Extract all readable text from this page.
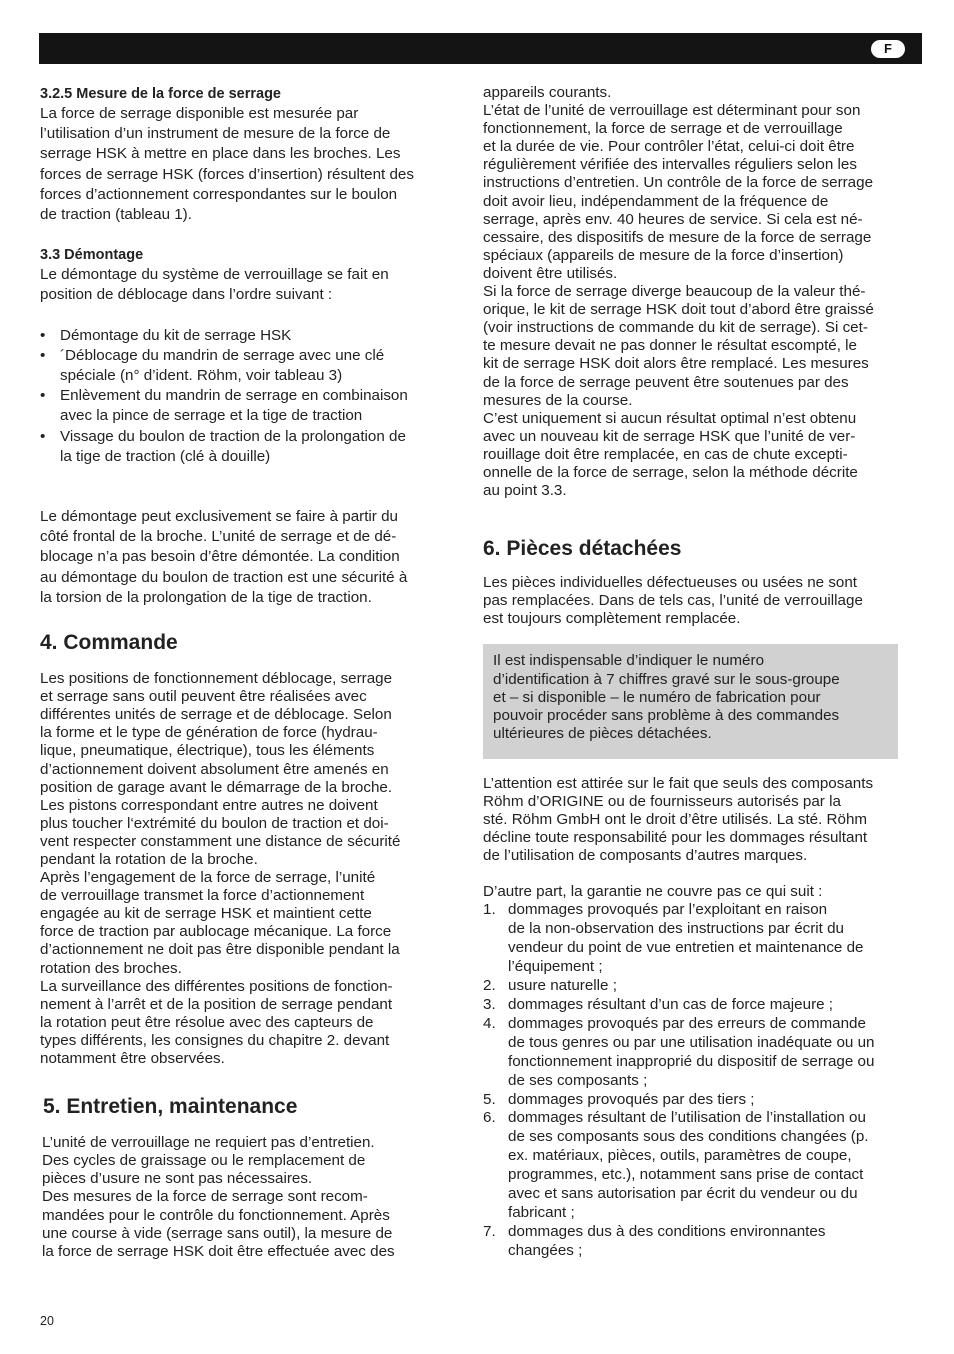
F
3.2.5 Mesure de la force de serrage
La force de serrage disponible est mesurée par
l’utilisation d’un instrument de mesure de la force de
serrage HSK à mettre en place dans les broches. Les
forces de serrage HSK (forces d’insertion) résultent des
forces d’actionnement correspondantes sur le boulon
de traction (tableau 1).
3.3 Démontage
Le démontage du système de verrouillage se fait en
position de déblocage dans l’ordre suivant :
• Démontage du kit de serrage HSK
• ´Déblocage du mandrin de serrage avec une clé
spéciale (n° d’ident. Röhm, voir tableau 3)
• Enlèvement du mandrin de serrage en combinaison
avec la pince de serrage et la tige de traction
• Vissage du boulon de traction de la prolongation de
la tige de traction (clé à douille)
Le démontage peut exclusivement se faire à partir du
côté frontal de la broche. L’unité de serrage et de dé-
blocage n’a pas besoin d’être démontée. La condition
au démontage du boulon de traction est une sécurité à
la torsion de la prolongation de la tige de traction.
4. Commande
Les positions de fonctionnement déblocage, serrage
et serrage sans outil peuvent être réalisées avec
différentes unités de serrage et de déblocage. Selon
la forme et le type de génération de force (hydrau-
lique, pneumatique, électrique), tous les éléments
d’actionnement doivent absolument être amenés en
position de garage avant le démarrage de la broche.
Les pistons correspondant entre autres ne doivent
plus toucher l‘extrémité du boulon de traction et doi-
vent respecter constamment une distance de sécurité
pendant la rotation de la broche.
Après l’engagement de la force de serrage, l’unité
de verrouillage transmet la force d’actionnement
engagée au kit de serrage HSK et maintient cette
force de traction par aublocage mécanique. La force
d’actionnement ne doit pas être disponible pendant la
rotation des broches.
La surveillance des différentes positions de fonction-
nement à l’arrêt et de la position de serrage pendant
la rotation peut être résolue avec des capteurs de
types différents, les consignes du chapitre 2. devant
notamment être observées.
5. Entretien, maintenance
L’unité de verrouillage ne requiert pas d’entretien.
Des cycles de graissage ou le remplacement de
pièces d’usure ne sont pas nécessaires.
Des mesures de la force de serrage sont recom-
mandées pour le contrôle du fonctionnement. Après
une course à vide (serrage sans outil), la mesure de
la force de serrage HSK doit être effectuée avec des
appareils courants.
L’état de l’unité de verrouillage est déterminant pour son
fonctionnement, la force de serrage et de verrouillage
et la durée de vie. Pour contrôler l’état, celui-ci doit être
régulièrement vérifiée des intervalles réguliers selon les
instructions d’entretien. Un contrôle de la force de serrage
doit avoir lieu, indépendamment de la fréquence de
serrage, après env. 40 heures de service. Si cela est né-
cessaire, des dispositifs de mesure de la force de serrage
spéciaux (appareils de mesure de la force d’insertion)
doivent être utilisés.
Si la force de serrage diverge beaucoup de la valeur thé-
orique, le kit de serrage HSK doit tout d’abord être graissé
(voir instructions de commande du kit de serrage). Si cet-
te mesure devait ne pas donner le résultat escompté, le
kit de serrage HSK doit alors être remplacé. Les mesures
de la force de serrage peuvent être soutenues par des
mesures de la course.
C’est uniquement si aucun résultat optimal n’est obtenu
avec un nouveau kit de serrage HSK que l’unité de ver-
rouillage doit être remplacée, en cas de chute excepti-
onnelle de la force de serrage, selon la méthode décrite
au point 3.3.
6. Pièces détachées
Les pièces individuelles défectueuses ou usées ne sont
pas remplacées. Dans de tels cas, l’unité de verrouillage
est toujours complètement remplacée.
Il est indispensable d’indiquer le numéro
d’identification à 7 chiffres gravé sur le sous-groupe
et – si disponible – le numéro de fabrication pour
pouvoir procéder sans problème à des commandes
ultérieures de pièces détachées.
L’attention est attirée sur le fait que seuls des composants
Röhm d’ORIGINE ou de fournisseurs autorisés par la
sté. Röhm GmbH ont le droit d’être utilisés. La sté. Röhm
décline toute responsabilité pour les dommages résultant
de l’utilisation de composants d’autres marques.
D’autre part, la garantie ne couvre pas ce qui suit :
1. dommages provoqués par l’exploitant en raison
de la non-observation des instructions par écrit du
vendeur du point de vue entretien et maintenance de
l’équipement ;
2. usure naturelle ;
3. dommages résultant d’un cas de force majeure ;
4. dommages provoqués par des erreurs de commande
de tous genres ou par une utilisation inadéquate ou un
fonctionnement inapproprié du dispositif de serrage ou
de ses composants ;
5. dommages provoqués par des tiers ;
6. dommages résultant de l’utilisation de l’installation ou
de ses composants sous des conditions changées (p.
ex. matériaux, pièces, outils, paramètres de coupe,
programmes, etc.), notamment sans prise de contact
avec et sans autorisation par écrit du vendeur ou du
fabricant ;
7. dommages dus à des conditions environnantes
changées ;
20
